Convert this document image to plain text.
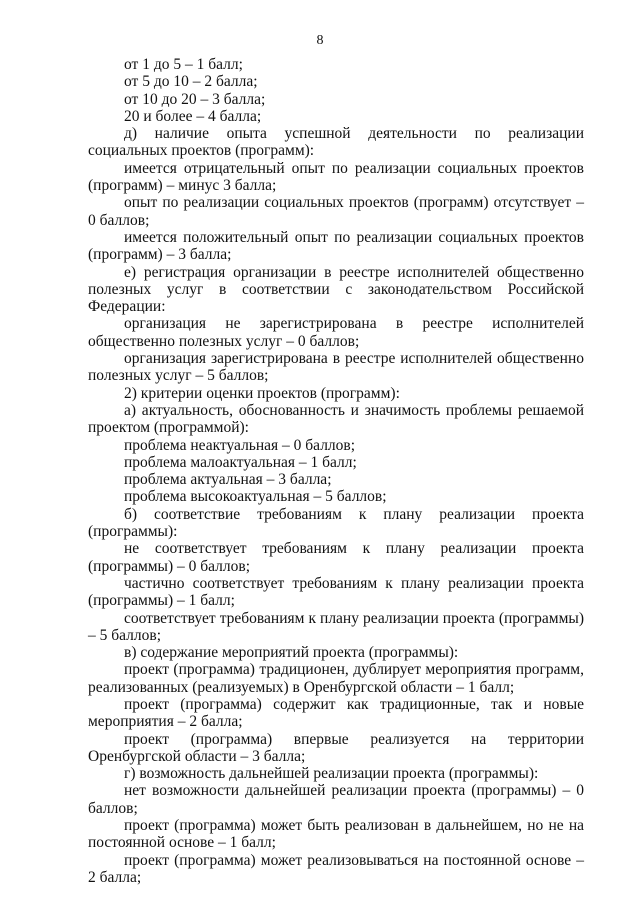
8

от 1 до 5 – 1 балл;

от 5 до 10 – 2 балла;

от 10 до 20 – 3 балла;

20 и более – 4 балла;

д) наличие опыта успешной деятельности по реализации социальных проектов (программ):

имеется отрицательный опыт по реализации социальных проектов (программ) – минус 3 балла;

опыт по реализации социальных проектов (программ) отсутствует – 0 баллов;

имеется положительный опыт по реализации социальных проектов (программ) – 3 балла;

е) регистрация организации в реестре исполнителей общественно полезных услуг в соответствии с законодательством Российской Федерации:

организация не зарегистрирована в реестре исполнителей общественно полезных услуг – 0 баллов;

организация зарегистрирована в реестре исполнителей общественно полезных услуг – 5 баллов;

2) критерии оценки проектов (программ):

а) актуальность, обоснованность и значимость проблемы решаемой проектом (программой):

проблема неактуальная – 0 баллов;

проблема малоактуальная – 1 балл;

проблема актуальная – 3 балла;

проблема высокоактуальная – 5 баллов;

б) соответствие требованиям к плану реализации проекта (программы):

не соответствует требованиям к плану реализации проекта (программы) – 0 баллов;

частично соответствует требованиям к плану реализации проекта (программы) – 1 балл;

соответствует требованиям к плану реализации проекта (программы) – 5 баллов;

в) содержание мероприятий проекта (программы):

проект (программа) традиционен, дублирует мероприятия программ, реализованных (реализуемых) в Оренбургской области – 1 балл;

проект (программа) содержит как традиционные, так и новые мероприятия – 2 балла;

проект (программа) впервые реализуется на территории Оренбургской области – 3 балла;

г) возможность дальнейшей реализации проекта (программы):

нет возможности дальнейшей реализации проекта (программы) – 0 баллов;

проект (программа) может быть реализован в дальнейшем, но не на постоянной основе – 1 балл;

проект (программа) может реализовываться на постоянной основе – 2 балла;
